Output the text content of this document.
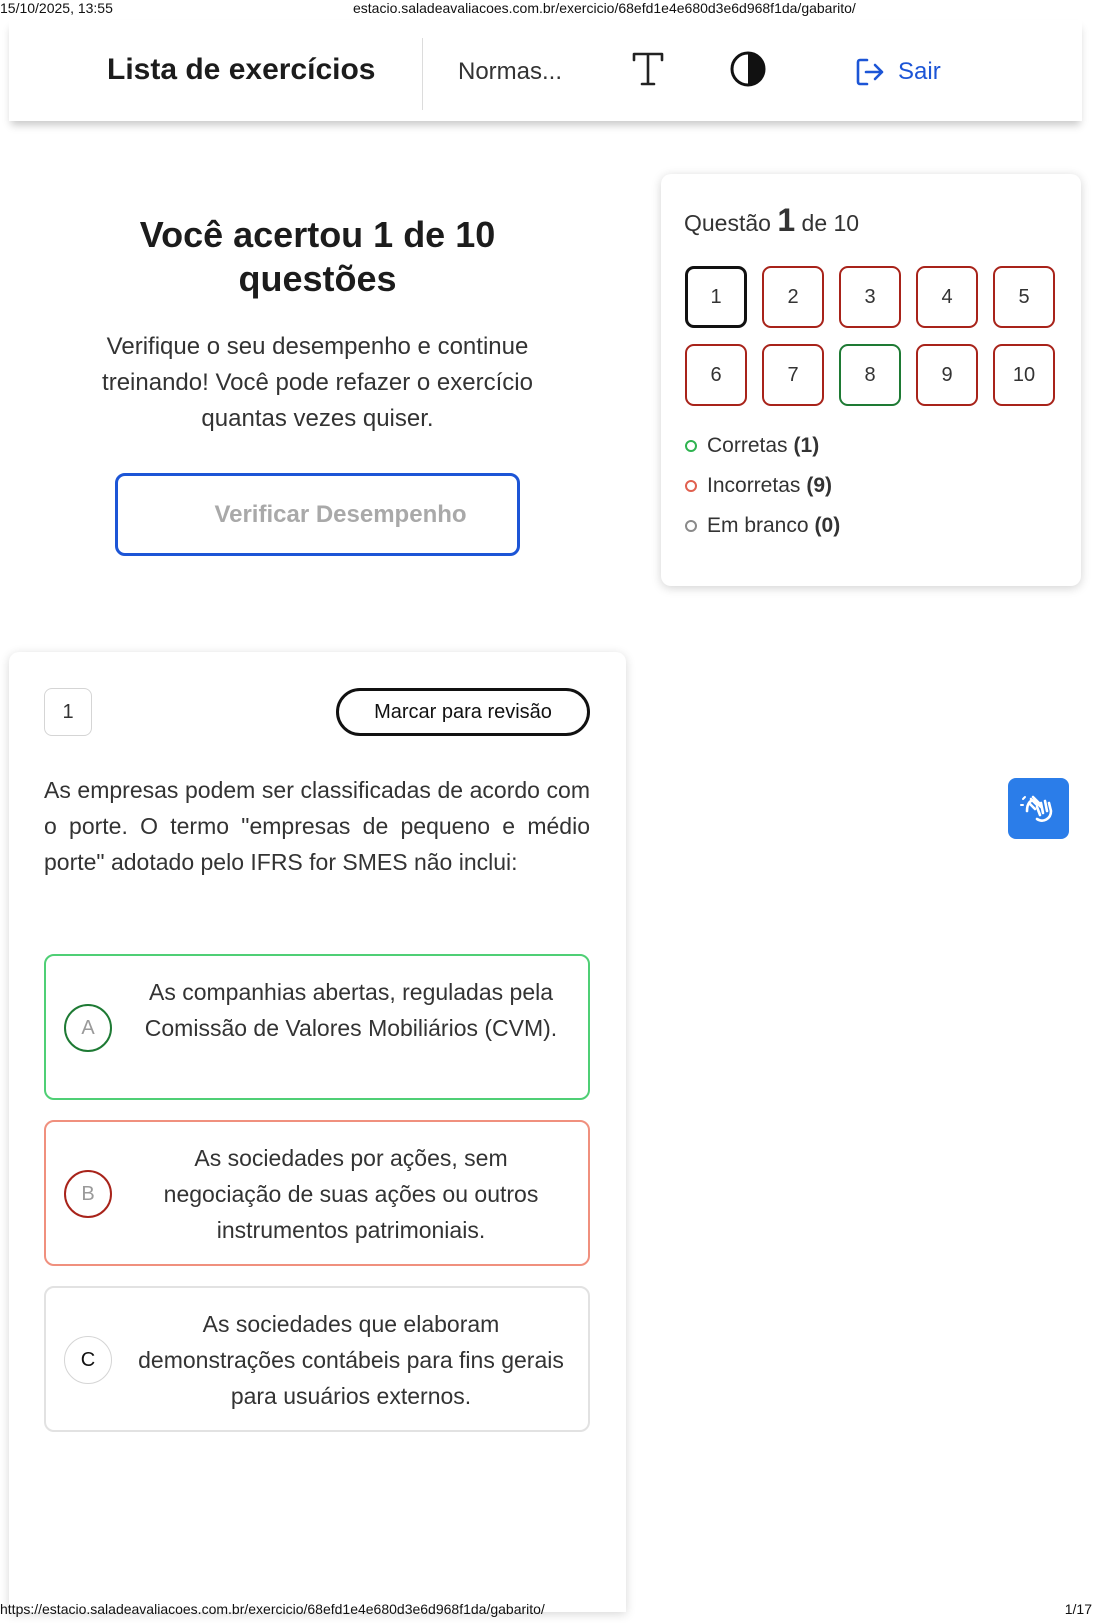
15/10/2025, 13:55	estacio.saladeavaliacoes.com.br/exercicio/68efd1e4e680d3e6d968f1da/gabarito/
Lista de exercícios	Normas...	Sair
Você acertou 1 de 10 questões

Verifique o seu desempenho e continue treinando! Você pode refazer o exercício quantas vezes quiser.

Verificar Desempenho
Questão 1 de 10
1	2	3	4	5
6	7	8	9	10
Corretas (1)
Incorretas (9)
Em branco (0)
1	Marcar para revisão
As empresas podem ser classificadas de acordo com o porte. O termo "empresas de pequeno e médio porte" adotado pelo IFRS for SMES não inclui:
A
As companhias abertas, reguladas pela Comissão de Valores Mobiliários (CVM).
B
As sociedades por ações, sem negociação de suas ações ou outros instrumentos patrimoniais.
C
As sociedades que elaboram demonstrações contábeis para fins gerais para usuários externos.
https://estacio.saladeavaliacoes.com.br/exercicio/68efd1e4e680d3e6d968f1da/gabarito/	1/17
